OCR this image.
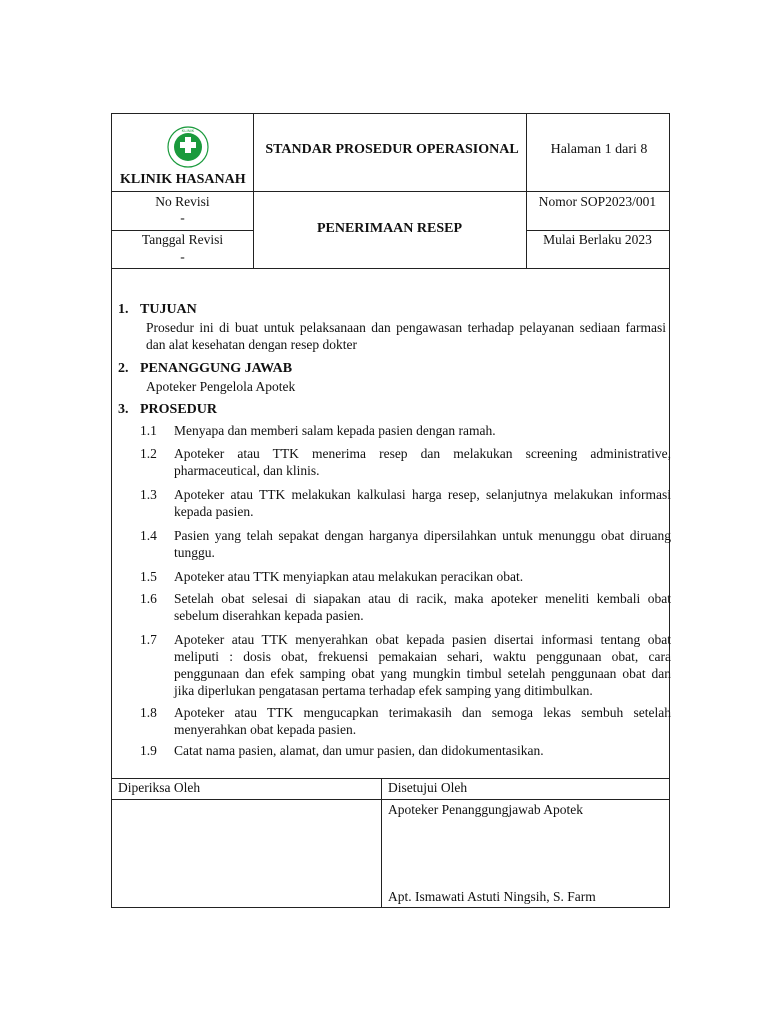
KLINIK
KLINIK HASANAH
STANDAR PROSEDUR OPERASIONAL	Halaman 1 dari 8
No Revisi
-
Tanggal Revisi
-
PENERIMAAN RESEP
Nomor SOP2023/001
Mulai Berlaku 2023
1. TUJUAN
Prosedur ini di buat untuk pelaksanaan dan pengawasan terhadap pelayanan sediaan farmasi
dan alat kesehatan dengan resep dokter
2. PENANGGUNG JAWAB
Apoteker Pengelola Apotek
3. PROSEDUR
1.1 Menyapa dan memberi salam kepada pasien dengan ramah.
1.2 Apoteker atau TTK menerima resep dan melakukan screening administrative,
pharmaceutical, dan klinis.
1.3 Apoteker atau TTK melakukan kalkulasi harga resep, selanjutnya melakukan informasi
kepada pasien.
1.4 Pasien yang telah sepakat dengan harganya dipersilahkan untuk menunggu obat diruang
tunggu.
1.5 Apoteker atau TTK menyiapkan atau melakukan peracikan obat.
1.6 Setelah obat selesai di siapakan atau di racik, maka apoteker meneliti kembali obat
sebelum diserahkan kepada pasien.
1.7 Apoteker atau TTK menyerahkan obat kepada pasien disertai informasi tentang obat
meliputi : dosis obat, frekuensi pemakaian sehari, waktu penggunaan obat, cara
penggunaan dan efek samping obat yang mungkin timbul setelah penggunaan obat dan
jika diperlukan pengatasan pertama terhadap efek samping yang ditimbulkan.
1.8 Apoteker atau TTK mengucapkan terimakasih dan semoga lekas sembuh setelah
menyerahkan obat kepada pasien.
1.9 Catat nama pasien, alamat, dan umur pasien, dan didokumentasikan.
Diperiksa Oleh	Disetujui Oleh
Apoteker Penanggungjawab Apotek
Apt. Ismawati Astuti Ningsih, S. Farm
